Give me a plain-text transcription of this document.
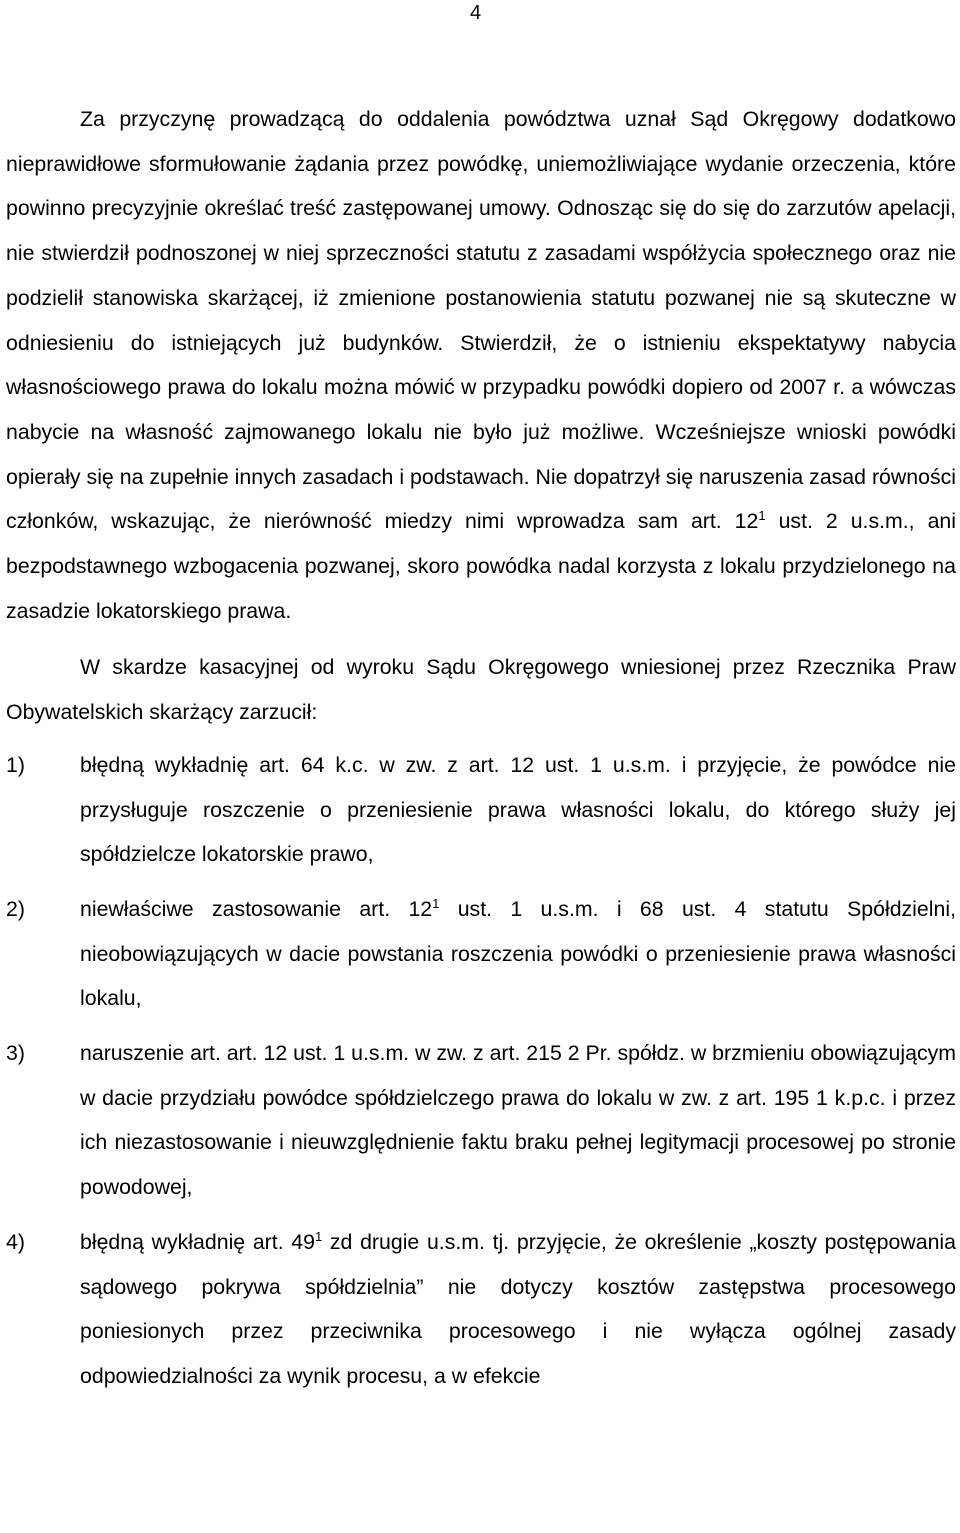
4

Za przyczynę prowadzącą do oddalenia powództwa uznał Sąd Okręgowy dodatkowo nieprawidłowe sformułowanie żądania przez powódkę, uniemożliwiające wydanie orzeczenia, które powinno precyzyjnie określać treść zastępowanej umowy. Odnosząc się do się do zarzutów apelacji, nie stwierdził podnoszonej w niej sprzeczności statutu z zasadami współżycia społecznego oraz nie podzielił stanowiska skarżącej, iż zmienione postanowienia statutu pozwanej nie są skuteczne w odniesieniu do istniejących już budynków. Stwierdził, że o istnieniu ekspektatywy nabycia własnościowego prawa do lokalu można mówić w przypadku powódki dopiero od 2007 r. a wówczas nabycie na własność zajmowanego lokalu nie było już możliwe. Wcześniejsze wnioski powódki opierały się na zupełnie innych zasadach i podstawach. Nie dopatrzył się naruszenia zasad równości członków, wskazując, że nierówność miedzy nimi wprowadza sam art. $12^1$ ust. 2 u.s.m., ani bezpodstawnego wzbogacenia pozwanej, skoro powódka nadal korzysta z lokalu przydzielonego na zasadzie lokatorskiego prawa.

W skardze kasacyjnej od wyroku Sądu Okręgowego wniesionej przez Rzecznika Praw Obywatelskich skarżący zarzucił:

1)	błędną wykładnię art. 64 k.c. w zw. z art. 12 ust. 1 u.s.m. i przyjęcie, że powódce nie przysługuje roszczenie o przeniesienie prawa własności lokalu, do którego służy jej spółdzielcze lokatorskie prawo,
2)	niewłaściwe zastosowanie art. $12^1$ ust. 1 u.s.m. i 68 ust. 4 statutu Spółdzielni, nieobowiązujących w dacie powstania roszczenia powódki o przeniesienie prawa własności lokalu,
3)	naruszenie art. art. 12 ust. 1 u.s.m. w zw. z art. 215 2 Pr. spółdz. w brzmieniu obowiązującym w dacie przydziału powódce spółdzielczego prawa do lokalu w zw. z art. 195 1 k.p.c. i przez ich niezastosowanie i nieuwzględnienie faktu braku pełnej legitymacji procesowej po stronie powodowej,
4)	błędną wykładnię art. $49^1$ zd drugie u.s.m. tj. przyjęcie, że określenie „koszty postępowania sądowego pokrywa spółdzielnia” nie dotyczy kosztów zastępstwa procesowego poniesionych przez przeciwnika procesowego i nie wyłącza ogólnej zasady odpowiedzialności za wynik procesu, a w efekcie
